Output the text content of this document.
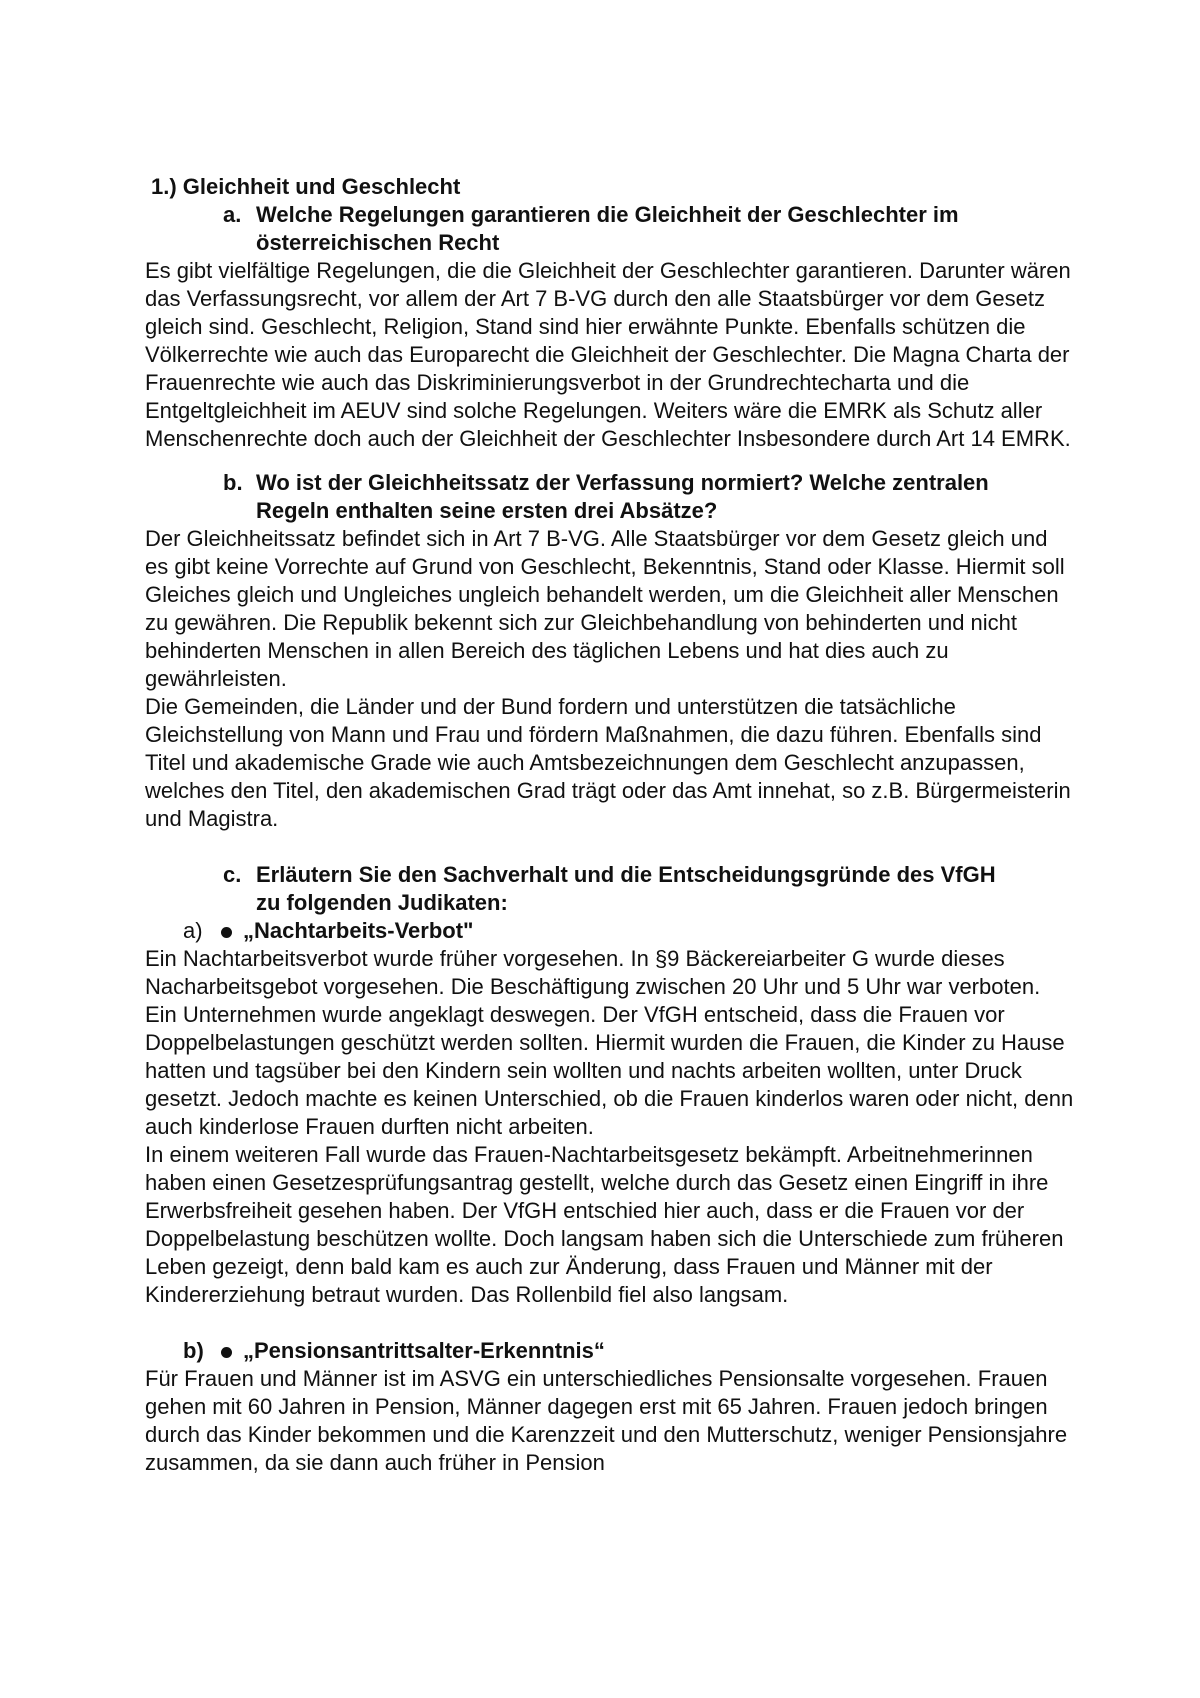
1.) Gleichheit und Geschlecht
a. Welche Regelungen garantieren die Gleichheit der Geschlechter im österreichischen Recht

Es gibt vielfältige Regelungen, die die Gleichheit der Geschlechter garantieren. Darunter wären das Verfassungsrecht, vor allem der Art 7 B-VG durch den alle Staatsbürger vor dem Gesetz gleich sind. Geschlecht, Religion, Stand sind hier erwähnte Punkte. Ebenfalls schützen die Völkerrechte wie auch das Europarecht die Gleichheit der Geschlechter. Die Magna Charta der Frauenrechte wie auch das Diskriminierungsverbot in der Grundrechtecharta und die Entgeltgleichheit im AEUV sind solche Regelungen. Weiters wäre die EMRK als Schutz aller Menschenrechte doch auch der Gleichheit der Geschlechter Insbesondere durch Art 14 EMRK.

b. Wo ist der Gleichheitssatz der Verfassung normiert? Welche zentralen Regeln enthalten seine ersten drei Absätze?

Der Gleichheitssatz befindet sich in Art 7 B-VG. Alle Staatsbürger vor dem Gesetz gleich und es gibt keine Vorrechte auf Grund von Geschlecht, Bekenntnis, Stand oder Klasse. Hiermit soll Gleiches gleich und Ungleiches ungleich behandelt werden, um die Gleichheit aller Menschen zu gewähren. Die Republik bekennt sich zur Gleichbehandlung von behinderten und nicht behinderten Menschen in allen Bereich des täglichen Lebens und hat dies auch zu gewährleisten.

Die Gemeinden, die Länder und der Bund fordern und unterstützen die tatsächliche Gleichstellung von Mann und Frau und fördern Maßnahmen, die dazu führen. Ebenfalls sind Titel und akademische Grade wie auch Amtsbezeichnungen dem Geschlecht anzupassen, welches den Titel, den akademischen Grad trägt oder das Amt innehat, so z.B. Bürgermeisterin und Magistra.

c. Erläutern Sie den Sachverhalt und die Entscheidungsgründe des VfGH zu folgenden Judikaten:
a)	„Nachtarbeits-Verbot"

Ein Nachtarbeitsverbot wurde früher vorgesehen. In §9 Bäckereiarbeiter G wurde dieses Nacharbeitsgebot vorgesehen. Die Beschäftigung zwischen 20 Uhr und 5 Uhr war verboten. Ein Unternehmen wurde angeklagt deswegen. Der VfGH entscheid, dass die Frauen vor Doppelbelastungen geschützt werden sollten. Hiermit wurden die Frauen, die Kinder zu Hause hatten und tagsüber bei den Kindern sein wollten und nachts arbeiten wollten, unter Druck gesetzt. Jedoch machte es keinen Unterschied, ob die Frauen kinderlos waren oder nicht, denn auch kinderlose Frauen durften nicht arbeiten.

In einem weiteren Fall wurde das Frauen-Nachtarbeitsgesetz bekämpft. Arbeitnehmerinnen haben einen Gesetzesprüfungsantrag gestellt, welche durch das Gesetz einen Eingriff in ihre Erwerbsfreiheit gesehen haben. Der VfGH entschied hier auch, dass er die Frauen vor der Doppelbelastung beschützen wollte. Doch langsam haben sich die Unterschiede zum früheren Leben gezeigt, denn bald kam es auch zur Änderung, dass Frauen und Männer mit der Kindererziehung betraut wurden. Das Rollenbild fiel also langsam.

b)	„Pensionsantrittsalter-Erkenntnis“

Für Frauen und Männer ist im ASVG ein unterschiedliches Pensionsalte vorgesehen. Frauen gehen mit 60 Jahren in Pension, Männer dagegen erst mit 65 Jahren. Frauen jedoch bringen durch das Kinder bekommen und die Karenzzeit und den Mutterschutz, weniger Pensionsjahre zusammen, da sie dann auch früher in Pension
